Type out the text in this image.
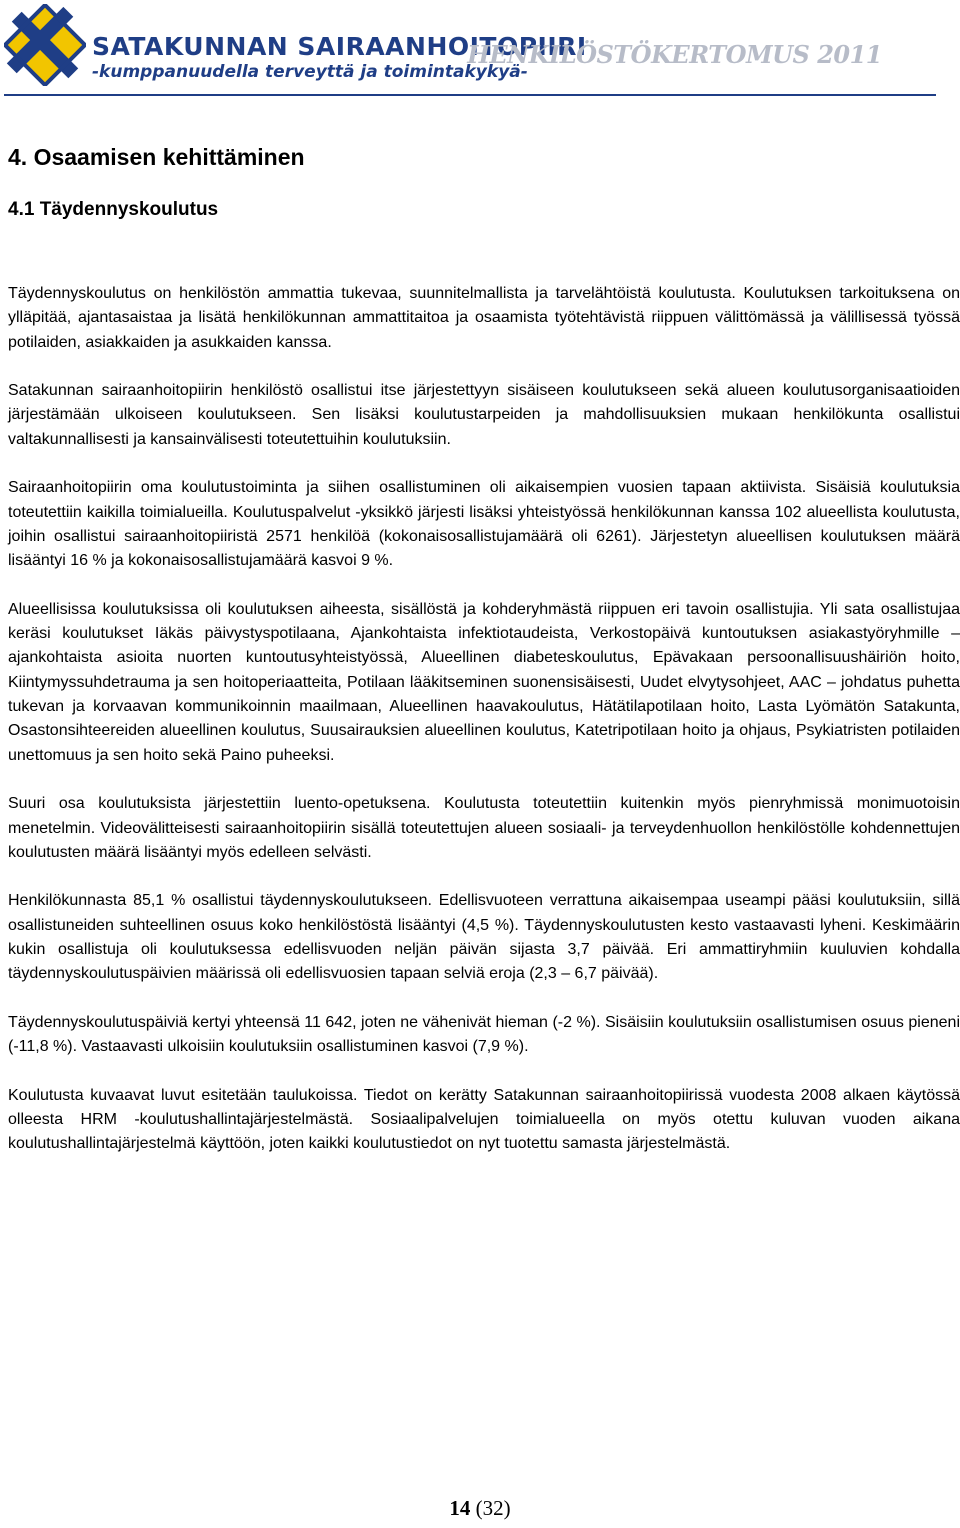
SATAKUNNAN SAIRAANHOITOPIIRI
-kumppanuudella terveyttä ja toimintakykyä-
HENKILÖSTÖKERTOMUS 2011
4. Osaamisen kehittäminen
4.1 Täydennyskoulutus

Täydennyskoulutus on henkilöstön ammattia tukevaa, suunnitelmallista ja tarvelähtöistä koulutusta. Koulutuksen tarkoituksena on ylläpitää, ajantasaistaa ja lisätä henkilökunnan ammattitaitoa ja osaamista työtehtävistä riippuen välittömässä ja välillisessä työssä potilaiden, asiakkaiden ja asukkaiden kanssa.

Satakunnan sairaanhoitopiirin henkilöstö osallistui itse järjestettyyn sisäiseen koulutukseen sekä alueen koulutusorganisaatioiden järjestämään ulkoiseen koulutukseen. Sen lisäksi koulutustarpeiden ja mahdollisuuksien mukaan henkilökunta osallistui valtakunnallisesti ja kansainvälisesti toteutettuihin koulutuksiin.

Sairaanhoitopiirin oma koulutustoiminta ja siihen osallistuminen oli aikaisempien vuosien tapaan aktiivista. Sisäisiä koulutuksia toteutettiin kaikilla toimialueilla. Koulutuspalvelut -yksikkö järjesti lisäksi yhteistyössä henkilökunnan kanssa 102 alueellista koulutusta, joihin osallistui sairaanhoitopiiristä 2571 henkilöä (kokonaisosallistujamäärä oli 6261). Järjestetyn alueellisen koulutuksen määrä lisääntyi 16 % ja kokonaisosallistujamäärä kasvoi 9 %.

Alueellisissa koulutuksissa oli koulutuksen aiheesta, sisällöstä ja kohderyhmästä riippuen eri tavoin osallistujia. Yli sata osallistujaa keräsi koulutukset Iäkäs päivystyspotilaana, Ajankohtaista infektiotaudeista, Verkostopäivä kuntoutuksen asiakastyöryhmille – ajankohtaista asioita nuorten kuntoutusyhteistyössä, Alueellinen diabeteskoulutus, Epävakaan persoonallisuushäiriön hoito, Kiintymyssuhdetrauma ja sen hoitoperiaatteita, Potilaan lääkitseminen suonensisäisesti, Uudet elvytysohjeet, AAC – johdatus puhetta tukevan ja korvaavan kommunikoinnin maailmaan, Alueellinen haavakoulutus, Hätätilapotilaan hoito, Lasta Lyömätön Satakunta, Osastonsihteereiden alueellinen koulutus, Suusairauksien alueellinen koulutus, Katetripotilaan hoito ja ohjaus, Psykiatristen potilaiden unettomuus ja sen hoito sekä Paino puheeksi.

Suuri osa koulutuksista järjestettiin luento-opetuksena. Koulutusta toteutettiin kuitenkin myös pienryhmissä monimuotoisin menetelmin. Videovälitteisesti sairaanhoitopiirin sisällä toteutettujen alueen sosiaali- ja terveydenhuollon henkilöstölle kohdennettujen koulutusten määrä lisääntyi myös edelleen selvästi.

Henkilökunnasta 85,1 % osallistui täydennyskoulutukseen. Edellisvuoteen verrattuna aikaisempaa useampi pääsi koulutuksiin, sillä osallistuneiden suhteellinen osuus koko henkilöstöstä lisääntyi (4,5 %). Täydennyskoulutusten kesto vastaavasti lyheni. Keskimäärin kukin osallistuja oli koulutuksessa edellisvuoden neljän päivän sijasta 3,7 päivää. Eri ammattiryhmiin kuuluvien kohdalla täydennyskoulutuspäivien määrissä oli edellisvuosien tapaan selviä eroja (2,3 – 6,7 päivää).

Täydennyskoulutuspäiviä kertyi yhteensä 11 642, joten ne vähenivät hieman (-2 %). Sisäisiin koulutuksiin osallistumisen osuus pieneni (-11,8 %). Vastaavasti ulkoisiin koulutuksiin osallistuminen kasvoi (7,9 %).

Koulutusta kuvaavat luvut esitetään taulukoissa. Tiedot on kerätty Satakunnan sairaanhoitopiirissä vuodesta 2008 alkaen käytössä olleesta HRM -koulutushallintajärjestelmästä. Sosiaalipalvelujen toimialueella on myös otettu kuluvan vuoden aikana koulutushallintajärjestelmä käyttöön, joten kaikki koulutustiedot on nyt tuotettu samasta järjestelmästä.

14 (32)
